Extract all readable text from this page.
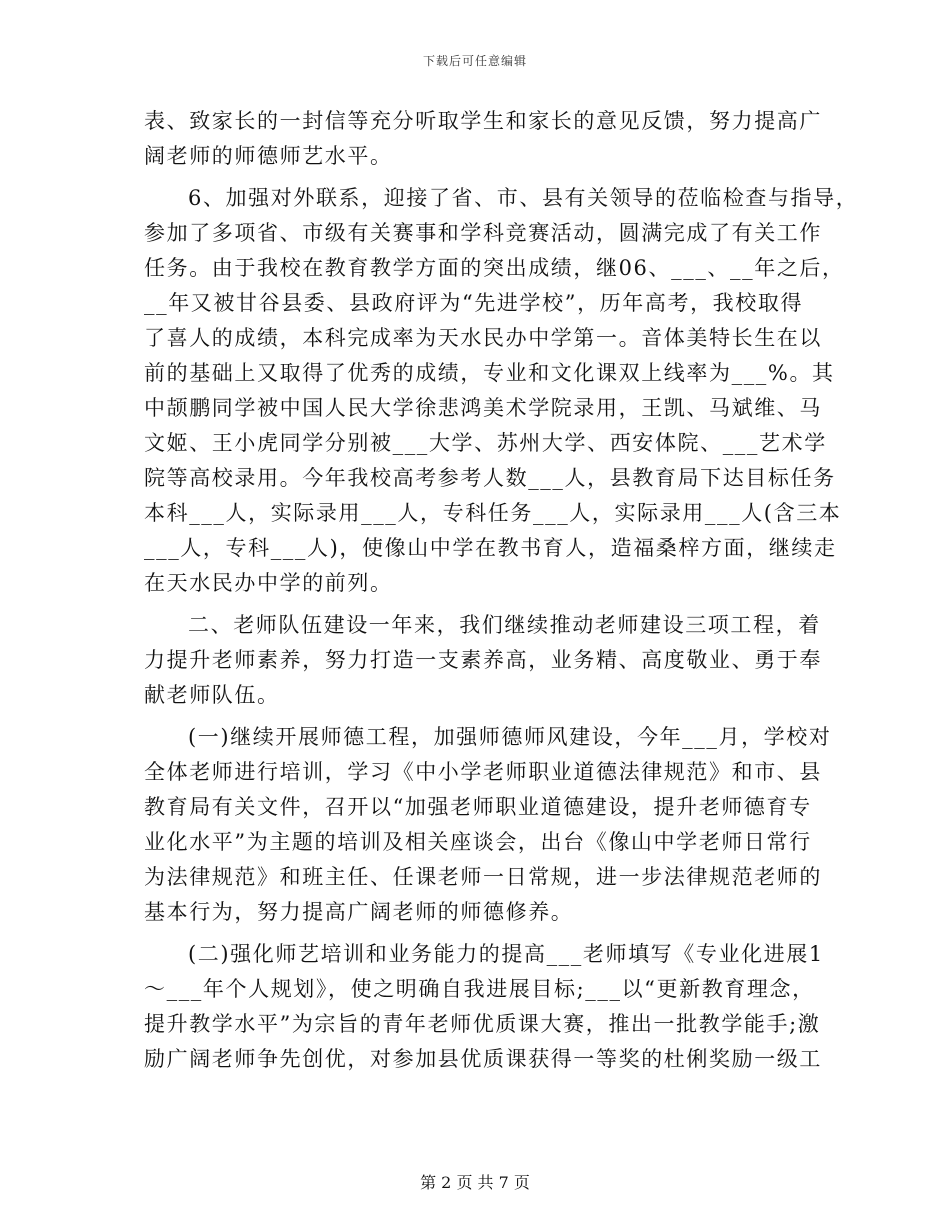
下载后可任意编辑
表、致家长的一封信等充分听取学生和家长的意见反馈，努力提高广
阔老师的师德师艺水平。
6、加强对外联系，迎接了省、市、县有关领导的莅临检查与指导，
参加了多项省、市级有关赛事和学科竞赛活动，圆满完成了有关工作
任务。由于我校在教育教学方面的突出成绩，继06、___、__年之后，
__年又被甘谷县委、县政府评为“先进学校”，历年高考，我校取得
了喜人的成绩，本科完成率为天水民办中学第一。音体美特长生在以
前的基础上又取得了优秀的成绩，专业和文化课双上线率为___%。其
中颉鹏同学被中国人民大学徐悲鸿美术学院录用，王凯、马斌维、马
文姬、王小虎同学分别被___大学、苏州大学、西安体院、___艺术学
院等高校录用。今年我校高考参考人数___人，县教育局下达目标任务
本科___人，实际录用___人，专科任务___人，实际录用___人(含三本
___人，专科___人)，使像山中学在教书育人，造福桑梓方面，继续走
在天水民办中学的前列。
二、老师队伍建设一年来，我们继续推动老师建设三项工程，着
力提升老师素养，努力打造一支素养高，业务精、高度敬业、勇于奉
献老师队伍。
(一)继续开展师德工程，加强师德师风建设，今年___月，学校对
全体老师进行培训，学习《中小学老师职业道德法律规范》和市、县
教育局有关文件，召开以“加强老师职业道德建设，提升老师德育专
业化水平”为主题的培训及相关座谈会，出台《像山中学老师日常行
为法律规范》和班主任、任课老师一日常规，进一步法律规范老师的
基本行为，努力提高广阔老师的师德修养。
(二)强化师艺培训和业务能力的提高___老师填写《专业化进展1
～___年个人规划》，使之明确自我进展目标;___以“更新教育理念，
提升教学水平”为宗旨的青年老师优质课大赛，推出一批教学能手;激
励广阔老师争先创优，对参加县优质课获得一等奖的杜俐奖励一级工
第 2 页 共 7 页
